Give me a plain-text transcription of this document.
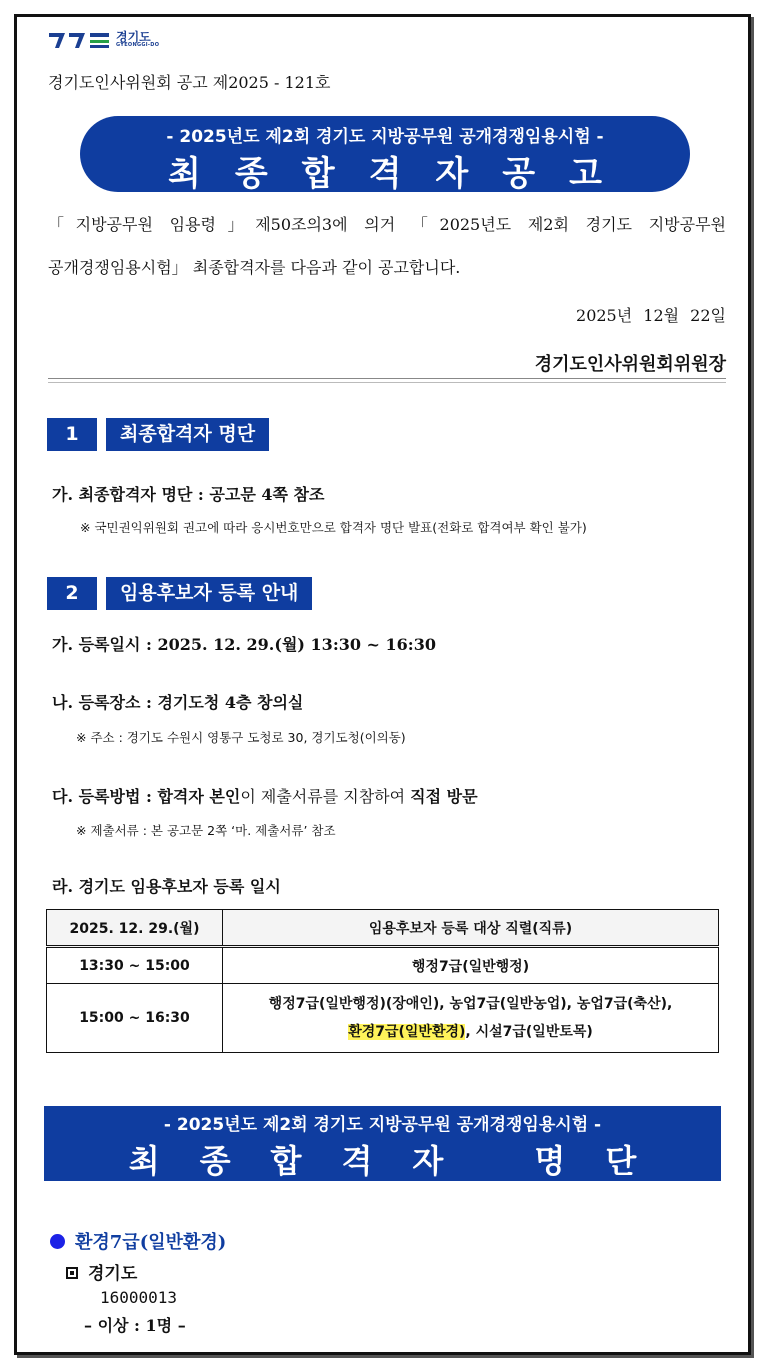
경기도
GYEONGGI-DO
경기도인사위원회 공고 제2025 - 121호
- 2025년도 제2회 경기도 지방공무원 공개경쟁임용시험 -
최종합격자공고
「지방공무원 임용령」제50조의3에 의거 「2025년도 제2회 경기도 지방공무원
공개경쟁임용시험」 최종합격자를 다음과 같이 공고합니다.
2025년 12월 22일
경기도인사위원회위원장
1	최종합격자 명단
가. 최종합격자 명단 : 공고문 4쪽 참조
※ 국민권익위원회 권고에 따라 응시번호만으로 합격자 명단 발표(전화로 합격여부 확인 불가)
2	임용후보자 등록 안내
가. 등록일시 : 2025. 12. 29.(월) 13:30 ~ 16:30
나. 등록장소 : 경기도청 4층 창의실
※ 주소 : 경기도 수원시 영통구 도청로 30, 경기도청(이의동)
다. 등록방법 : 합격자 본인이 제출서류를 지참하여 직접 방문
※ 제출서류 : 본 공고문 2쪽 ‘마. 제출서류’ 참조
라. 경기도 임용후보자 등록 일시
2025. 12. 29.(월)	임용후보자 등록 대상 직렬(직류)
13:30 ~ 15:00	행정7급(일반행정)
15:00 ~ 16:30	행정7급(일반행정)(장애인), 농업7급(일반농업), 농업7급(축산),
환경7급(일반환경), 시설7급(일반토목)
- 2025년도 제2회 경기도 지방공무원 공개경쟁임용시험 -
최종합격자 명단
환경7급(일반환경)
경기도
16000013
– 이상 : 1명 –
